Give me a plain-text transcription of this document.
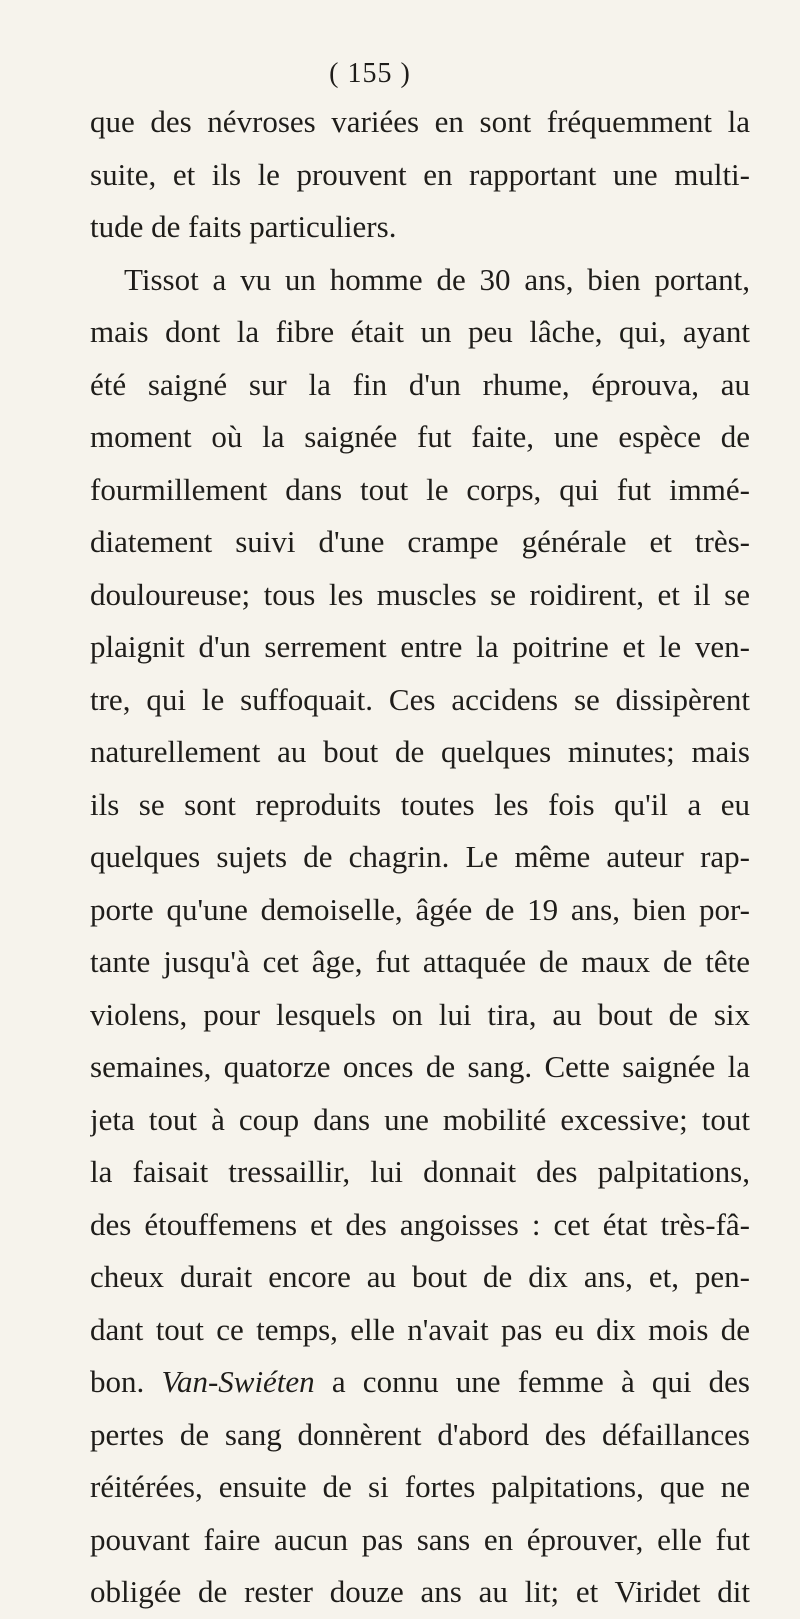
( 155 )
que des névroses variées en sont fréquemment la
suite, et ils le prouvent en rapportant une multi-
tude de faits particuliers.
Tissot a vu un homme de 30 ans, bien portant,
mais dont la fibre était un peu lâche, qui, ayant
été saigné sur la fin d'un rhume, éprouva, au
moment où la saignée fut faite, une espèce de
fourmillement dans tout le corps, qui fut immé-
diatement suivi d'une crampe générale et très-
douloureuse; tous les muscles se roidirent, et il se
plaignit d'un serrement entre la poitrine et le ven-
tre, qui le suffoquait. Ces accidens se dissipèrent
naturellement au bout de quelques minutes; mais
ils se sont reproduits toutes les fois qu'il a eu
quelques sujets de chagrin. Le même auteur rap-
porte qu'une demoiselle, âgée de 19 ans, bien por-
tante jusqu'à cet âge, fut attaquée de maux de tête
violens, pour lesquels on lui tira, au bout de six
semaines, quatorze onces de sang. Cette saignée la
jeta tout à coup dans une mobilité excessive; tout
la faisait tressaillir, lui donnait des palpitations,
des étouffemens et des angoisses : cet état très-fâ-
cheux durait encore au bout de dix ans, et, pen-
dant tout ce temps, elle n'avait pas eu dix mois de
bon. Van-Swiéten a connu une femme à qui des
pertes de sang donnèrent d'abord des défaillances
réitérées, ensuite de si fortes palpitations, que ne
pouvant faire aucun pas sans en éprouver, elle fut
obligée de rester douze ans au lit; et Viridet dit
